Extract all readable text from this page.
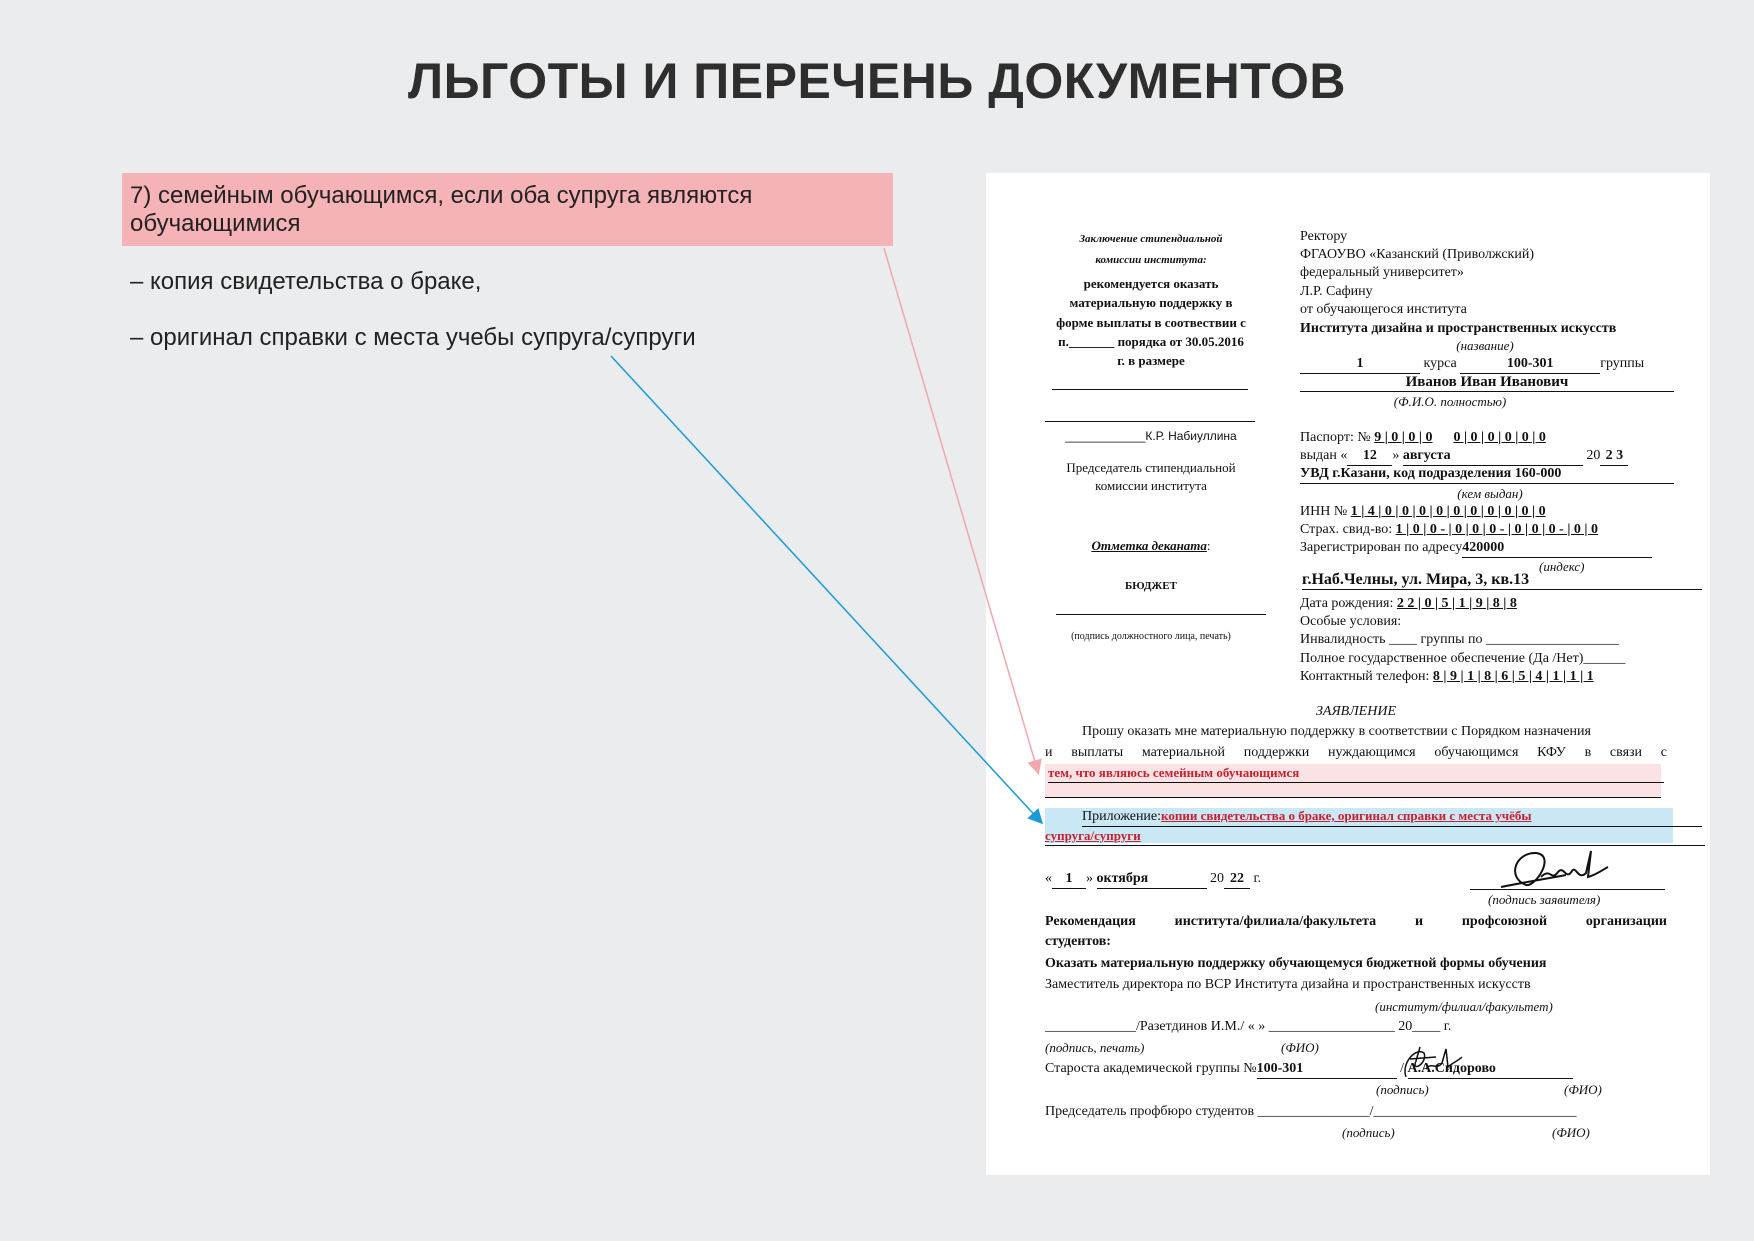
ЛЬГОТЫ И ПЕРЕЧЕНЬ ДОКУМЕНТОВ
7) семейным обучающимся, если оба супруга являются обучающимися
– копия свидетельства о браке,
– оригинал справки с места учебы супруга/супруги
Заключение стипендиальной
комиссии института:
рекомендуется оказать
материальную поддержку в
форме выплаты в соотвествии с
п._______ порядка от 30.05.2016
г. в размере
____________К.Р. Набиуллина
Председатель стипендиальной
комиссии института
Отметка деканата:
БЮДЖЕТ
(подпись должностного лица, печать)
Ректору
ФГАОУВО «Казанский (Приволжский)
федеральный университет»
Л.Р. Сафину
от обучающегося института
Института дизайна и пространственных искусств
(название)
1	курса	100-301	группы
Иванов Иван Иванович
(Ф.И.О. полностью)
Паспорт: № 9 | 0 | 0 | 0 0 | 0 | 0 | 0 | 0 | 0
выдан « 12 » августа	20 2 3
УВД г.Казани, код подразделения 160-000
(кем выдан)
ИНН № 1 | 4 | 0 | 0 | 0 | 0 | 0 | 0 | 0 | 0 | 0 | 0
Страх. свид-во: 1 | 0 | 0 - | 0 | 0 | 0 - | 0 | 0 | 0 - | 0 | 0
Зарегистрирован по адресу420000
(индекс)
г.Наб.Челны, ул. Мира, 3, кв.13
Дата рождения: 2 2 | 0 | 5 | 1 | 9 | 8 | 8
Особые условия:
Инвалидность ____ группы по ___________________
Полное государственное обеспечение (Да /Нет)______
Контактный телефон: 8 | 9 | 1 | 8 | 6 | 5 | 4 | 1 | 1 | 1
ЗАЯВЛЕНИЕ
Прошу оказать мне материальную поддержку в соответствии с Порядком назначения
и выплаты материальной поддержки нуждающимся обучающимся КФУ в связи с
тем, что являюсь семейным обучающимся
Приложение:копии свидетельства о браке, оригинал справки с места учёбы
супруга/супруги
« 1 » октября	20 22 г.
(подпись заявителя)
Рекомендация института/филиала/факультета и профсоюзной организации
студентов:
Оказать материальную поддержку обучающемуся бюджетной формы обучения
Заместитель директора по ВСР Института дизайна и пространственных искусств
(институт/филиал/факультет)
_____________/Разетдинов И.М./ « » __________________ 20____ г.
(подпись, печать)	(ФИО)
Староста академической группы №100-301	/ А.А.Сидорово
(подпись)	(ФИО)
Председатель профбюро студентов ________________/_____________________________
(подпись)	(ФИО)
